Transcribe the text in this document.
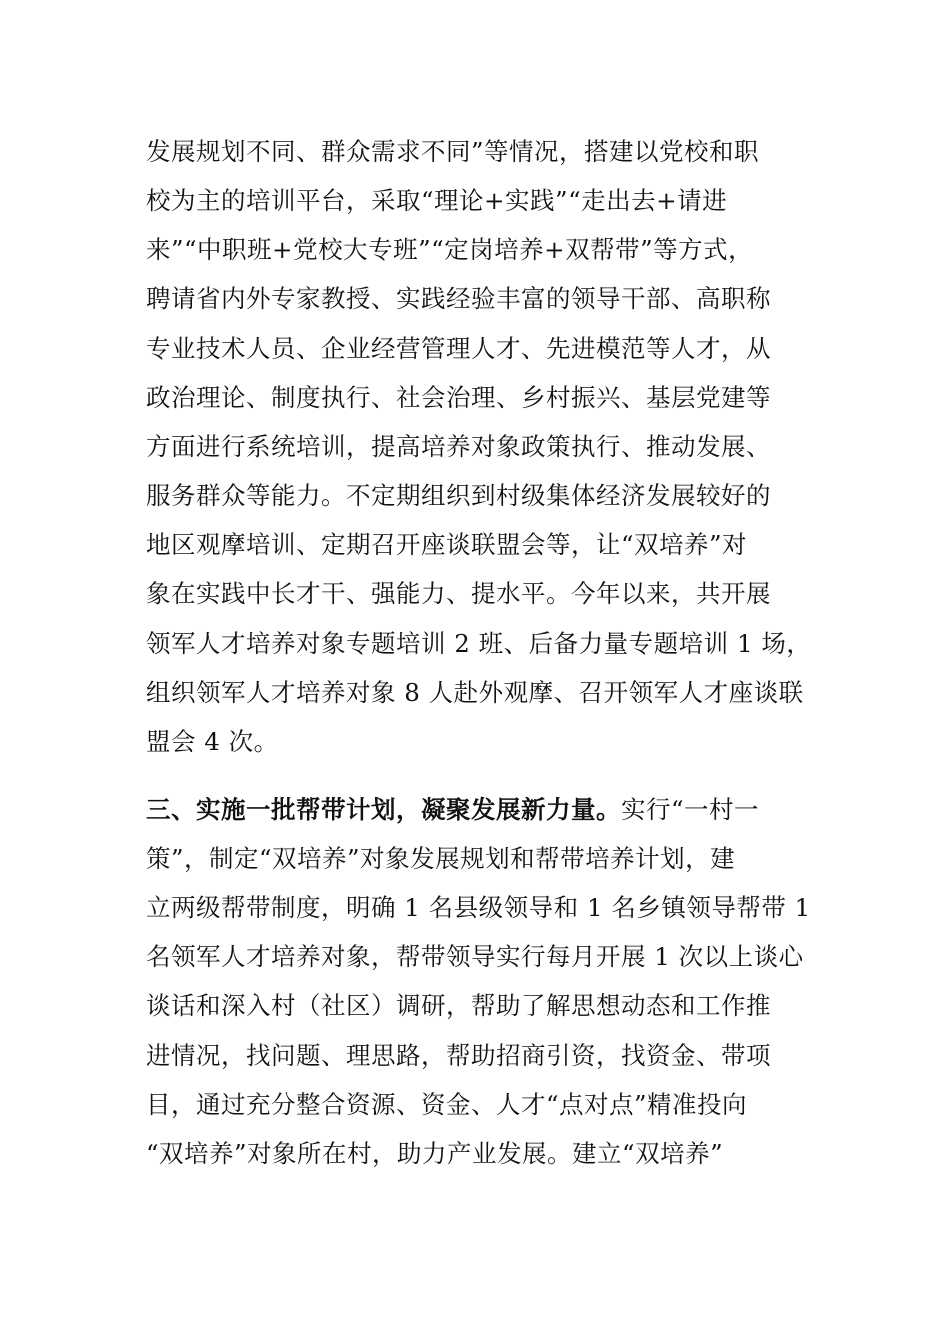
发展规划不同、群众需求不同”等情况，搭建以党校和职
校为主的培训平台，采取“理论+实践”“走出去+请进
来”“中职班+党校大专班”“定岗培养+双帮带”等方式，
聘请省内外专家教授、实践经验丰富的领导干部、高职称
专业技术人员、企业经营管理人才、先进模范等人才，从
政治理论、制度执行、社会治理、乡村振兴、基层党建等
方面进行系统培训，提高培养对象政策执行、推动发展、
服务群众等能力。不定期组织到村级集体经济发展较好的
地区观摩培训、定期召开座谈联盟会等，让“双培养”对
象在实践中长才干、强能力、提水平。今年以来，共开展
领军人才培养对象专题培训 2 班、后备力量专题培训 1 场，
组织领军人才培养对象 8 人赴外观摩、召开领军人才座谈联
盟会 4 次。
三、实施一批帮带计划，凝聚发展新力量。实行“一村一
策”，制定“双培养”对象发展规划和帮带培养计划，建
立两级帮带制度，明确 1 名县级领导和 1 名乡镇领导帮带 1
名领军人才培养对象，帮带领导实行每月开展 1 次以上谈心
谈话和深入村（社区）调研，帮助了解思想动态和工作推
进情况，找问题、理思路，帮助招商引资，找资金、带项
目，通过充分整合资源、资金、人才“点对点”精准投向
“双培养”对象所在村，助力产业发展。建立“双培养”
